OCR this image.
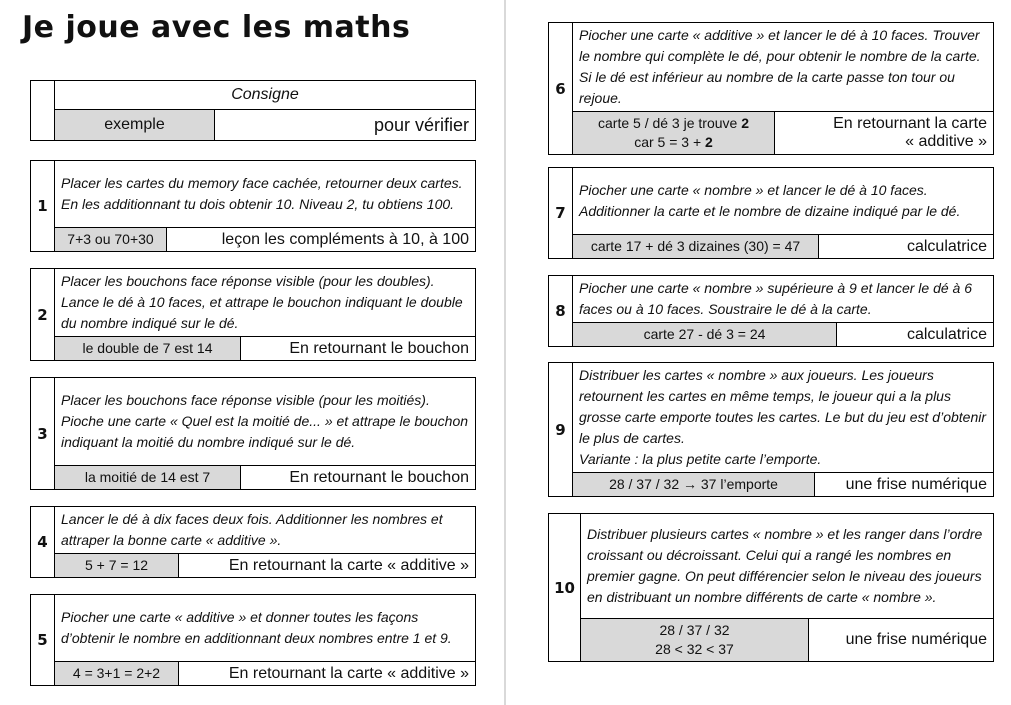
Je joue avec les maths
	Consigne	
	exemple	pour vérifier
1	Placer les cartes du memory face cachée, retourner deux cartes. En les additionnant tu dois obtenir 10. Niveau 2, tu obtiens 100.	
	7+3 ou 70+30	leçon les compléments à 10, à 100
2	Placer les bouchons face réponse visible (pour les doubles). Lance le dé à 10 faces, et attrape le bouchon indiquant le double du nombre indiqué sur le dé.	
	le double de 7 est 14	En retournant le bouchon
3	Placer les bouchons face réponse visible (pour les moitiés). Pioche une carte « Quel est la moitié de... » et attrape le bouchon indiquant la moitié du nombre indiqué sur le dé.	
	la moitié de 14 est 7	En retournant le bouchon
4	Lancer le dé à dix faces deux fois. Additionner les nombres et attraper la bonne carte « additive ».	
	5 + 7 = 12	En retournant la carte « additive »
5	Piocher une carte « additive » et donner toutes les façons d’obtenir le nombre en additionnant deux nombres entre 1 et 9.	
	4 = 3+1 = 2+2	En retournant la carte « additive »
6	Piocher une carte « additive » et lancer le dé à 10 faces. Trouver le nombre qui complète le dé, pour obtenir le nombre de la carte. Si le dé est inférieur au nombre de la carte passe ton tour ou rejoue.	

	carte 5 / dé 3 je trouve 2
car 5 = 3 + 2	En retournant la carte
« additive »
7	Piocher une carte « nombre » et lancer le dé à 10 faces. Additionner la carte et le nombre de dizaine indiqué par le dé.	
	carte 17 + dé 3 dizaines (30) = 47	calculatrice
8	Piocher une carte « nombre » supérieure à 9 et lancer le dé à 6 faces ou à 10 faces. Soustraire le dé à la carte.	
	carte 27 - dé 3 = 24	calculatrice
9	Distribuer les cartes « nombre » aux joueurs. Les joueurs retournent les cartes en même temps, le joueur qui a la plus grosse carte emporte toutes les cartes. Le but du jeu est d’obtenir le plus de cartes.
Variante : la plus petite carte l’emporte.	

	28 / 37 / 32 → 37 l’emporte	une frise numérique
10	Distribuer plusieurs cartes « nombre » et les ranger dans l’ordre croissant ou décroissant. Celui qui a rangé les nombres en premier gagne. On peut différencier selon le niveau des joueurs en distribuant un nombre différents de carte « nombre ».	

	28 / 37 / 32
28 < 32 < 37	une frise numérique
